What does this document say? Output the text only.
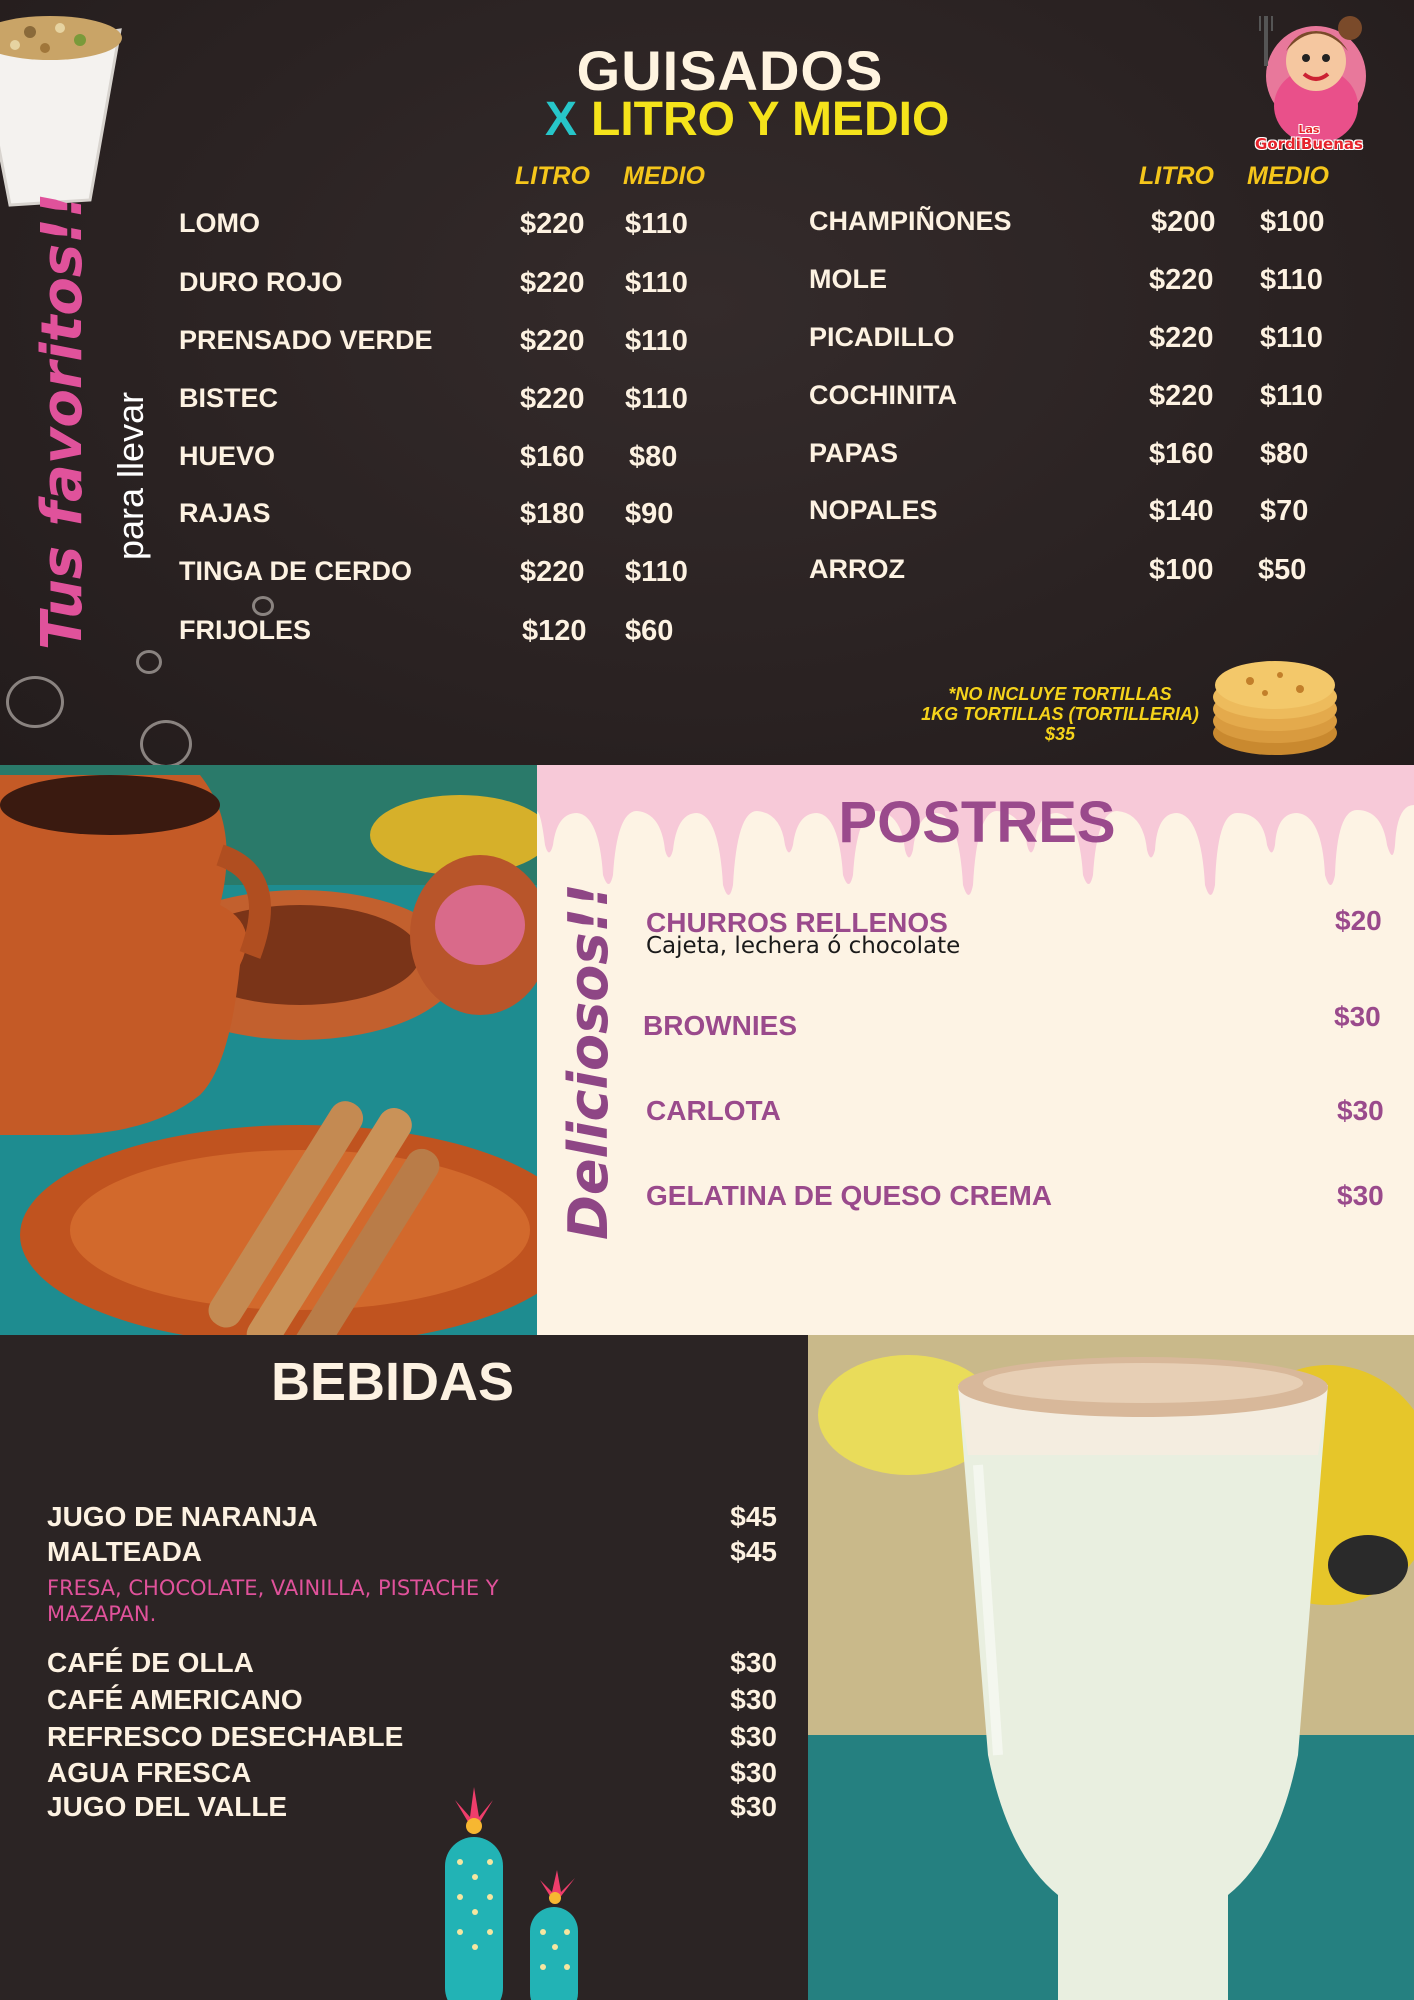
Las
GordiBuenas
GUISADOS
X LITRO Y MEDIO
Tus favoritos!! para llevar
LITRO MEDIO	LITRO MEDIO
LOMO	$220 $110
DURO ROJO	$220 $110
PRENSADO VERDE	$220 $110
BISTEC	$220 $110
HUEVO	$160 $80
RAJAS	$180 $90
TINGA DE CERDO	$220 $110
FRIJOLES	$120 $60
CHAMPIÑONES	$200 $100
MOLE	$220 $110
PICADILLO	$220 $110
COCHINITA	$220 $110
PAPAS	$160 $80
NOPALES	$140 $70
ARROZ	$100 $50
*NO INCLUYE TORTILLAS
1KG TORTILLAS (TORTILLERIA)
$35
POSTRES
Deliciosos!! CHURROS RELLENOS
Cajeta, lechera ó chocolate
$20
BROWNIES	$30
CARLOTA	$30
GELATINA DE QUESO CREMA	$30
BEBIDAS
JUGO DE NARANJA	$45
MALTEADA	$45
FRESA, CHOCOLATE, VAINILLA, PISTACHE Y MAZAPAN.
CAFÉ DE OLLA	$30
CAFÉ AMERICANO	$30
REFRESCO DESECHABLE	$30
AGUA FRESCA	$30
JUGO DEL VALLE	$30
